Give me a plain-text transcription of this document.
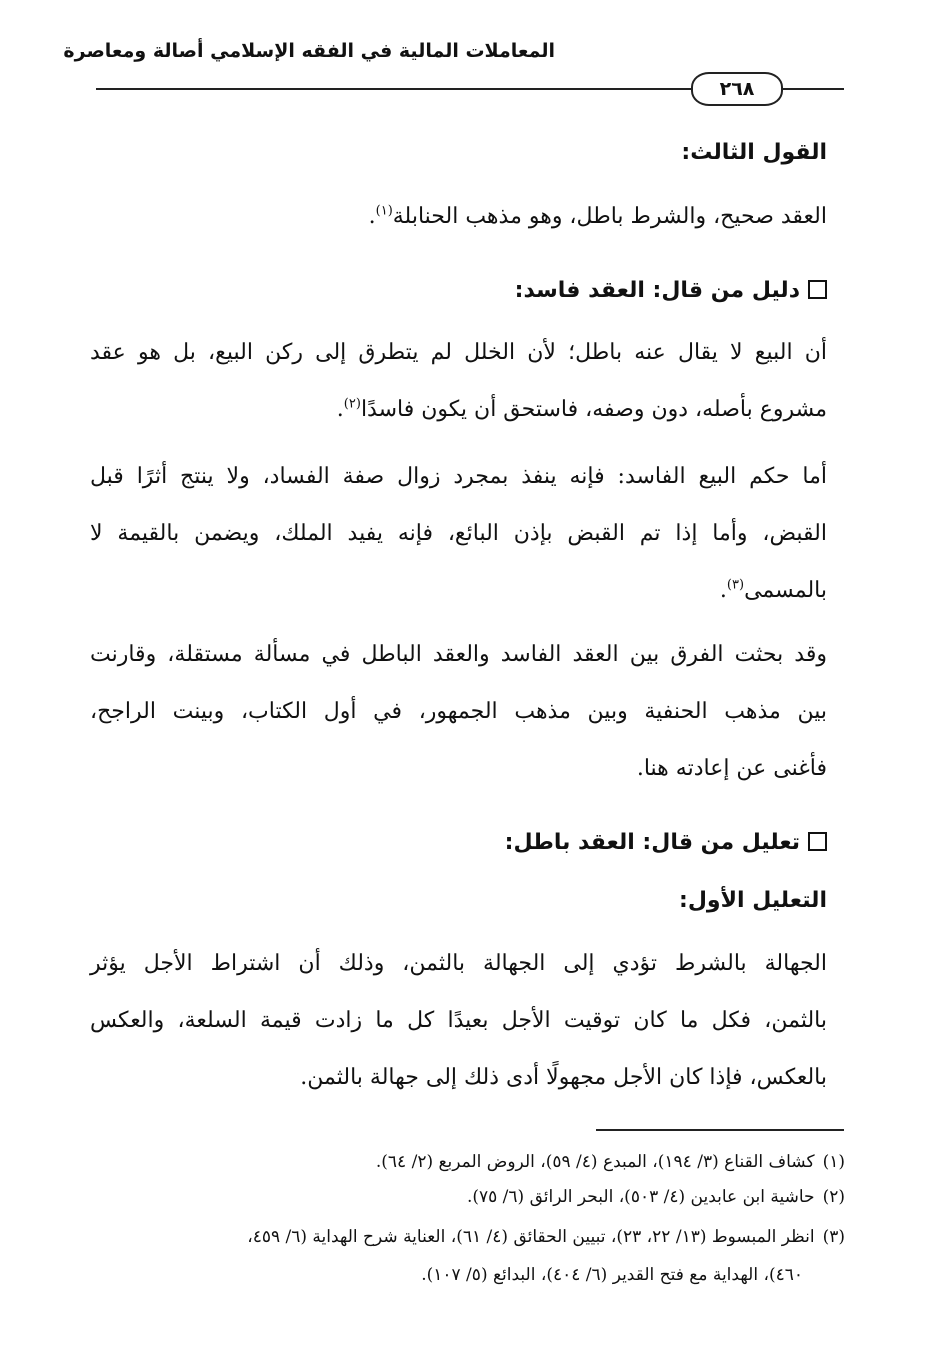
المعاملات المالية في الفقه الإسلامي أصالة ومعاصرة
٢٦٨
القول الثالث:
العقد صحيح، والشرط باطل، وهو مذهب الحنابلة$^{(١)}$.
دليل من قال: العقد فاسد:
أن البيع لا يقال عنه باطل؛ لأن الخلل لم يتطرق إلى ركن البيع، بل هو عقد
مشروع بأصله، دون وصفه، فاستحق أن يكون فاسدًا$^{(٢)}$.
أما حكم البيع الفاسد: فإنه ينفذ بمجرد زوال صفة الفساد، ولا ينتج أثرًا قبل
القبض، وأما إذا تم القبض بإذن البائع، فإنه يفيد الملك، ويضمن بالقيمة لا
بالمسمى$^{(٣)}$.
وقد بحثت الفرق بين العقد الفاسد والعقد الباطل في مسألة مستقلة، وقارنت
بين مذهب الحنفية وبين مذهب الجمهور، في أول الكتاب، وبينت الراجح،
فأغنى عن إعادته هنا.
تعليل من قال: العقد باطل:
التعليل الأول:
الجهالة بالشرط تؤدي إلى الجهالة بالثمن، وذلك أن اشتراط الأجل يؤثر
بالثمن، فكل ما كان توقيت الأجل بعيدًا كل ما زادت قيمة السلعة، والعكس
بالعكس، فإذا كان الأجل مجهولًا أدى ذلك إلى جهالة بالثمن.
(١)كشاف القناع (٣/ ١٩٤)، المبدع (٤/ ٥٩)، الروض المربع (٢/ ٦٤).
(٢)حاشية ابن عابدين (٤/ ٥٠٣)، البحر الرائق (٦/ ٧٥).
(٣)انظر المبسوط (١٣/ ٢٢، ٢٣)، تبيين الحقائق (٤/ ٦١)، العناية شرح الهداية (٦/ ٤٥٩،
٤٦٠)، الهداية مع فتح القدير (٦/ ٤٠٤)، البدائع (٥/ ١٠٧).
